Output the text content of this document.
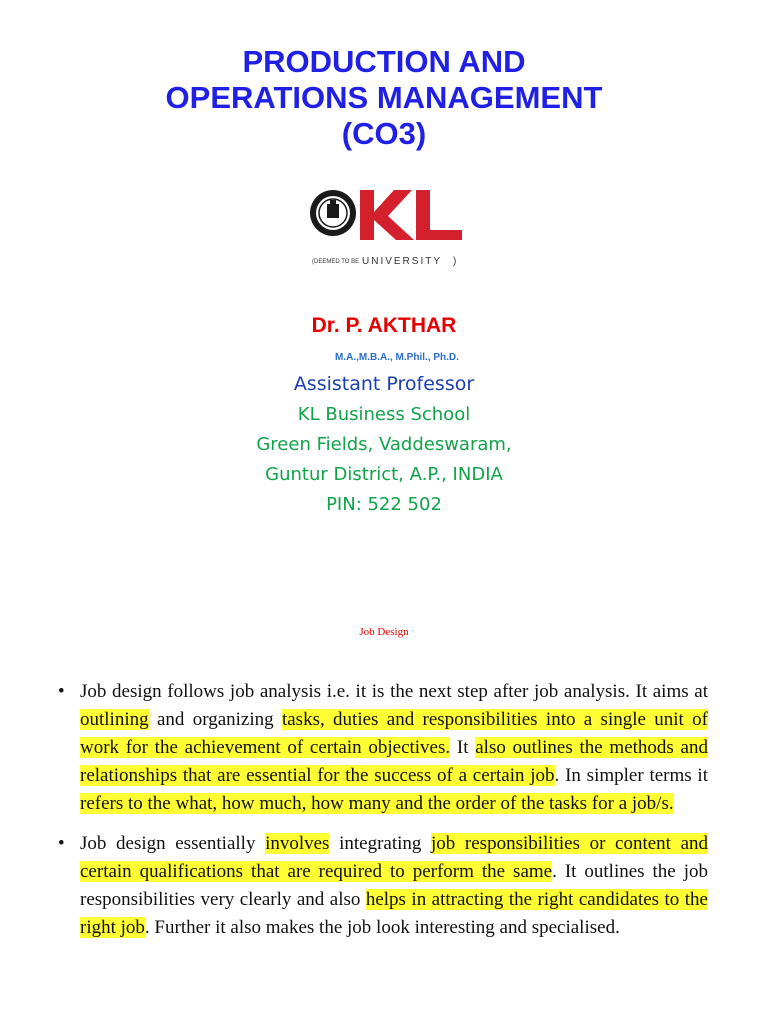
PRODUCTION AND
OPERATIONS MANAGEMENT
(CO3)
(DEEMED TO BE UNIVERSITY )
Dr. P. AKTHAR
M.A.,M.B.A., M.Phil., Ph.D.
Assistant Professor
KL Business School
Green Fields, Vaddeswaram,
Guntur District, A.P., INDIA
PIN: 522 502
Job Design
• Job design follows job analysis i.e. it is the next step after job analysis. It aims at outlining and organizing tasks, duties and responsibilities into a single unit of work for the achievement of certain objectives. It also outlines the methods and relationships that are essential for the success of a certain job. In simpler terms it refers to the what, how much, how many and the order of the tasks for a job/s.
• Job design essentially involves integrating job responsibilities or content and certain qualifications that are required to perform the same. It outlines the job responsibilities very clearly and also helps in attracting the right candidates to the right job. Further it also makes the job look interesting and specialised.
